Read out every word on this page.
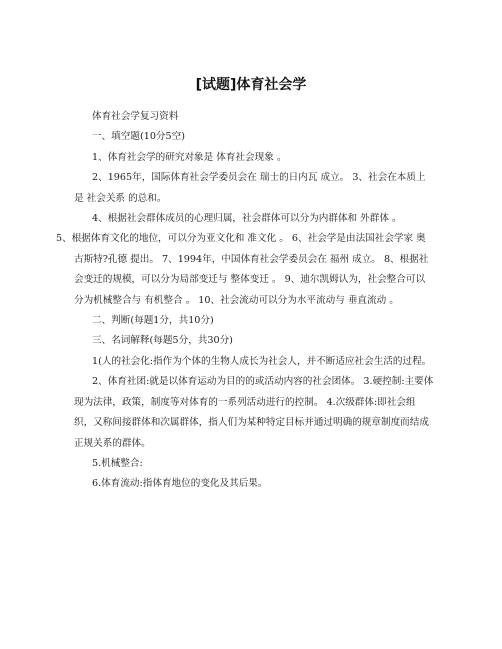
[试题]体育社会学

体育社会学复习资料

一、填空题(10分5空)

1、体育社会学的研究对象是 体育社会现象 。

2、1965年，国际体育社会学委员会在 瑞士的日内瓦 成立。 3、社会在本质上是 社会关系 的总和。

4、根据社会群体成员的心理归属，社会群体可以分为内群体和 外群体 。

5、根据体育文化的地位，可以分为亚文化和 准文化 。 6、社会学是由法国社会学家 奥古斯特?孔德 提出。 7、1994年，中国体育社会学委员会在 福州 成立。 8、根据社会变迁的规模，可以分为局部变迁与 整体变迁 。 9、迪尔凯姆认为，社会整合可以分为机械整合与 有机整合 。 10、社会流动可以分为水平流动与 垂直流动 。

二、判断(每题1分，共10分)

三、名词解释(每题5分，共30分)

1(人的社会化:指作为个体的生物人成长为社会人，并不断适应社会生活的过程。

2、体育社团:就是以体育运动为目的的或活动内容的社会团体。 3.硬控制:主要体现为法律，政策，制度等对体育的一系列活动进行的控制。 4.次级群体:即社会组织，又称间接群体和次属群体，指人们为某种特定目标并通过明确的规章制度而结成正规关系的群体。

5.机械整合:

6.体育流动:指体育地位的变化及其后果。
